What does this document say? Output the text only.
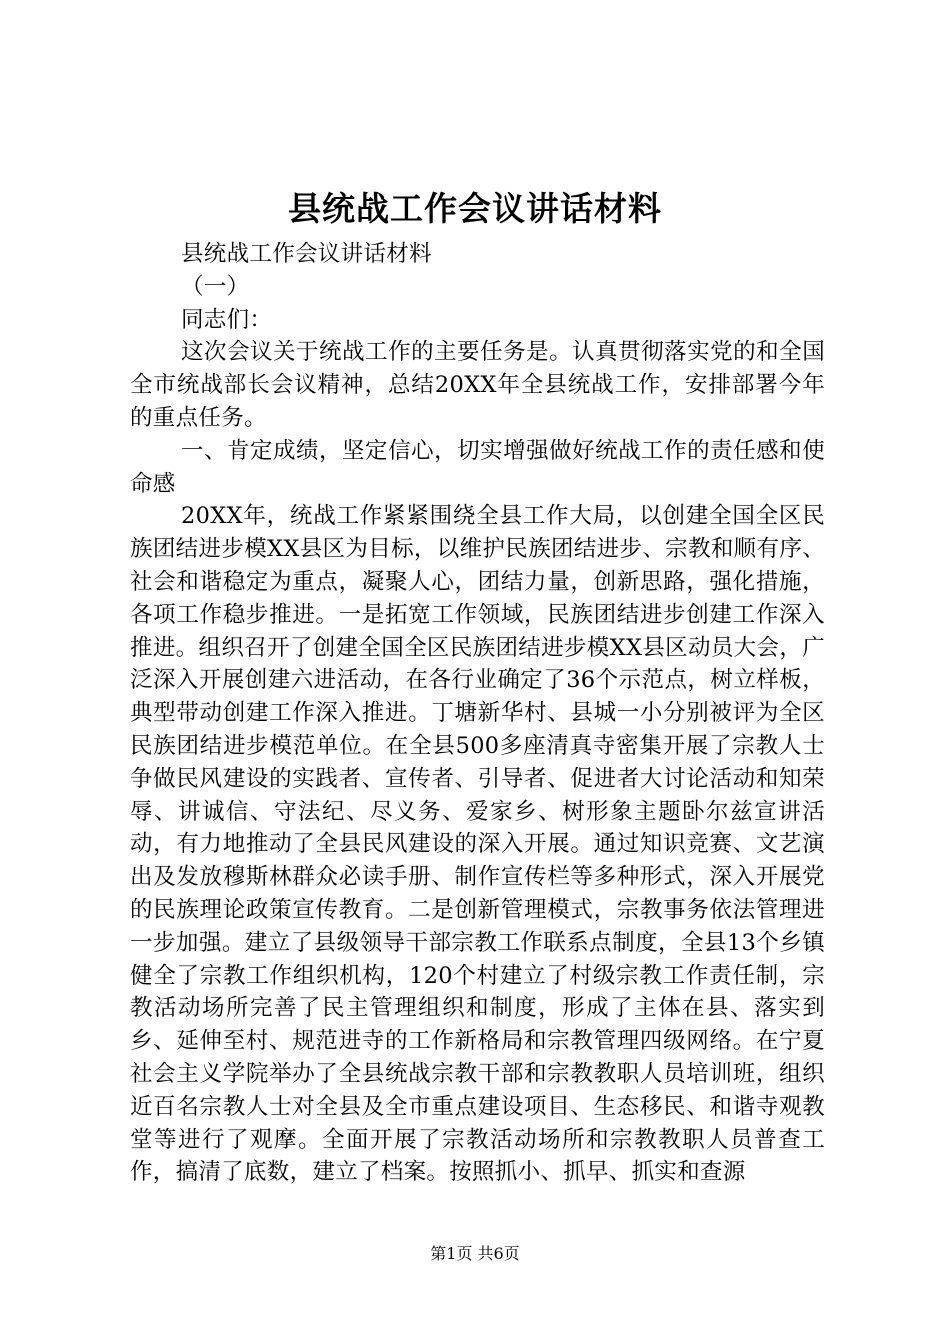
县统战工作会议讲话材料

县统战工作会议讲话材料

（一）

同志们：

这次会议关于统战工作的主要任务是。认真贯彻落实党的和全国全市统战部长会议精神，总结20XX年全县统战工作，安排部署今年的重点任务。

一、肯定成绩，坚定信心，切实增强做好统战工作的责任感和使命感

20XX年，统战工作紧紧围绕全县工作大局，以创建全国全区民族团结进步模XX县区为目标，以维护民族团结进步、宗教和顺有序、社会和谐稳定为重点，凝聚人心，团结力量，创新思路，强化措施，各项工作稳步推进。一是拓宽工作领域，民族团结进步创建工作深入推进。组织召开了创建全国全区民族团结进步模XX县区动员大会，广泛深入开展创建六进活动，在各行业确定了36个示范点，树立样板，典型带动创建工作深入推进。丁塘新华村、县城一小分别被评为全区民族团结进步模范单位。在全县500多座清真寺密集开展了宗教人士争做民风建设的实践者、宣传者、引导者、促进者大讨论活动和知荣辱、讲诚信、守法纪、尽义务、爱家乡、树形象主题卧尔兹宣讲活动，有力地推动了全县民风建设的深入开展。通过知识竞赛、文艺演出及发放穆斯林群众必读手册、制作宣传栏等多种形式，深入开展党的民族理论政策宣传教育。二是创新管理模式，宗教事务依法管理进一步加强。建立了县级领导干部宗教工作联系点制度，全县13个乡镇健全了宗教工作组织机构，120个村建立了村级宗教工作责任制，宗教活动场所完善了民主管理组织和制度，形成了主体在县、落实到乡、延伸至村、规范进寺的工作新格局和宗教管理四级网络。在宁夏社会主义学院举办了全县统战宗教干部和宗教教职人员培训班，组织近百名宗教人士对全县及全市重点建设项目、生态移民、和谐寺观教堂等进行了观摩。全面开展了宗教活动场所和宗教教职人员普查工作，搞清了底数，建立了档案。按照抓小、抓早、抓实和查源

第1页 共6页
